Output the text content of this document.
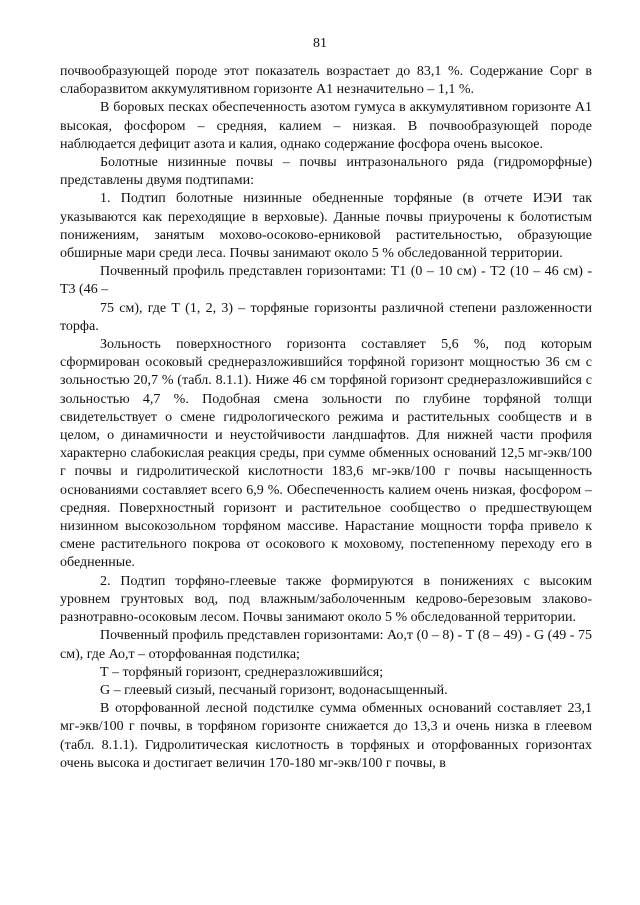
81

почвообразующей породе этот показатель возрастает до 83,1 %. Содержание Сорг в слаборазвитом аккумулятивном горизонте А1 незначительно – 1,1 %.

В боровых песках обеспеченность азотом гумуса в аккумулятивном горизонте А1 высокая, фосфором – средняя, калием – низкая. В почвообразующей породе наблюдается дефицит азота и калия, однако содержание фосфора очень высокое.

Болотные низинные почвы – почвы интразонального ряда (гидроморфные) представлены двумя подтипами:

1. Подтип болотные низинные обедненные торфяные (в отчете ИЭИ так указываются как переходящие в верховые). Данные почвы приурочены к болотистым понижениям, занятым мохово-осоково-ерниковой растительностью, образующие обширные мари среди леса. Почвы занимают около 5 % обследованной территории.

Почвенный профиль представлен горизонтами: Т1 (0 – 10 см) - Т2 (10 – 46 см) - Т3 (46 –

75 см), где Т (1, 2, 3) – торфяные горизонты различной степени разложенности торфа.

Зольность поверхностного горизонта составляет 5,6 %, под которым сформирован осоковый среднеразложившийся торфяной горизонт мощностью 36 см с зольностью 20,7 % (табл. 8.1.1). Ниже 46 см торфяной горизонт среднеразложившийся с зольностью 4,7 %. Подобная смена зольности по глубине торфяной толщи свидетельствует о смене гидрологического режима и растительных сообществ и в целом, о динамичности и неустойчивости ландшафтов. Для нижней части профиля характерно слабокислая реакция среды, при сумме обменных оснований 12,5 мг-экв/100 г почвы и гидролитической кислотности 183,6 мг-экв/100 г почвы насыщенность основаниями составляет всего 6,9 %. Обеспеченность калием очень низкая, фосфором – средняя. Поверхностный горизонт и растительное сообщество о предшествующем низинном высокозольном торфяном массиве. Нарастание мощности торфа привело к смене растительного покрова от осокового к моховому, постепенному переходу его в обедненные.

2. Подтип торфяно-глеевые также формируются в понижениях с высоким уровнем грунтовых вод, под влажным/заболоченным кедрово-березовым злаково-разнотравно-осоковым лесом. Почвы занимают около 5 % обследованной территории.

Почвенный профиль представлен горизонтами: Ао,т (0 – 8) - Т (8 – 49) - G (49 - 75 см), где Ао,т – оторфованная подстилка;

Т – торфяный горизонт, среднеразложившийся;

G – глеевый сизый, песчаный горизонт, водонасыщенный.

В оторфованной лесной подстилке сумма обменных оснований составляет 23,1 мг-экв/100 г почвы, в торфяном горизонте снижается до 13,3 и очень низка в глеевом (табл. 8.1.1). Гидролитическая кислотность в торфяных и оторфованных горизонтах очень высока и достигает величин 170-180 мг-экв/100 г почвы, в
